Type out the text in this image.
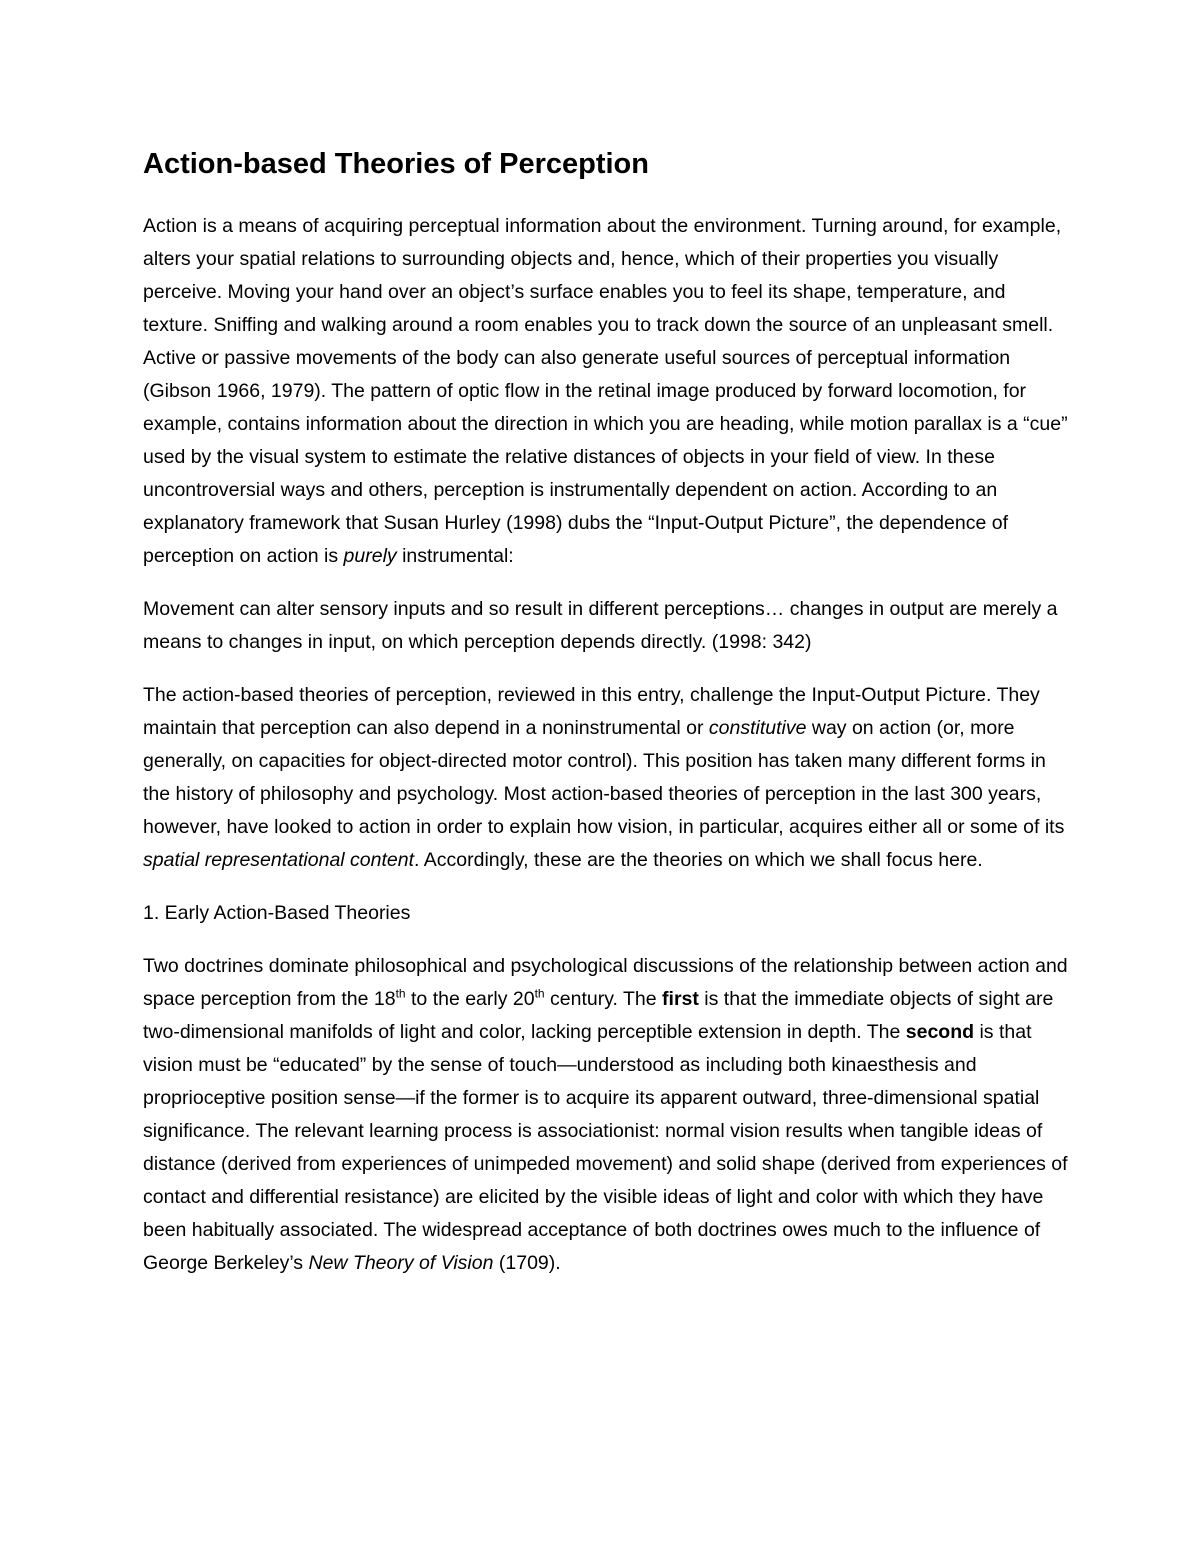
Action-based Theories of Perception

Action is a means of acquiring perceptual information about the environment. Turning around, for example, alters your spatial relations to surrounding objects and, hence, which of their properties you visually perceive. Moving your hand over an object’s surface enables you to feel its shape, temperature, and texture. Sniffing and walking around a room enables you to track down the source of an unpleasant smell. Active or passive movements of the body can also generate useful sources of perceptual information (Gibson 1966, 1979). The pattern of optic flow in the retinal image produced by forward locomotion, for example, contains information about the direction in which you are heading, while motion parallax is a “cue” used by the visual system to estimate the relative distances of objects in your field of view. In these uncontroversial ways and others, perception is instrumentally dependent on action. According to an explanatory framework that Susan Hurley (1998) dubs the “Input-Output Picture”, the dependence of perception on action is purely instrumental:

Movement can alter sensory inputs and so result in different perceptions… changes in output are merely a means to changes in input, on which perception depends directly. (1998: 342)

The action-based theories of perception, reviewed in this entry, challenge the Input-Output Picture. They maintain that perception can also depend in a noninstrumental or constitutive way on action (or, more generally, on capacities for object-directed motor control). This position has taken many different forms in the history of philosophy and psychology. Most action-based theories of perception in the last 300 years, however, have looked to action in order to explain how vision, in particular, acquires either all or some of its spatial representational content. Accordingly, these are the theories on which we shall focus here.

1. Early Action-Based Theories

Two doctrines dominate philosophical and psychological discussions of the relationship between action and space perception from the 18th to the early 20th century. The first is that the immediate objects of sight are two-dimensional manifolds of light and color, lacking perceptible extension in depth. The second is that vision must be “educated” by the sense of touch—understood as including both kinaesthesis and proprioceptive position sense—if the former is to acquire its apparent outward, three-dimensional spatial significance. The relevant learning process is associationist: normal vision results when tangible ideas of distance (derived from experiences of unimpeded movement) and solid shape (derived from experiences of contact and differential resistance) are elicited by the visible ideas of light and color with which they have been habitually associated. The widespread acceptance of both doctrines owes much to the influence of George Berkeley’s New Theory of Vision (1709).
